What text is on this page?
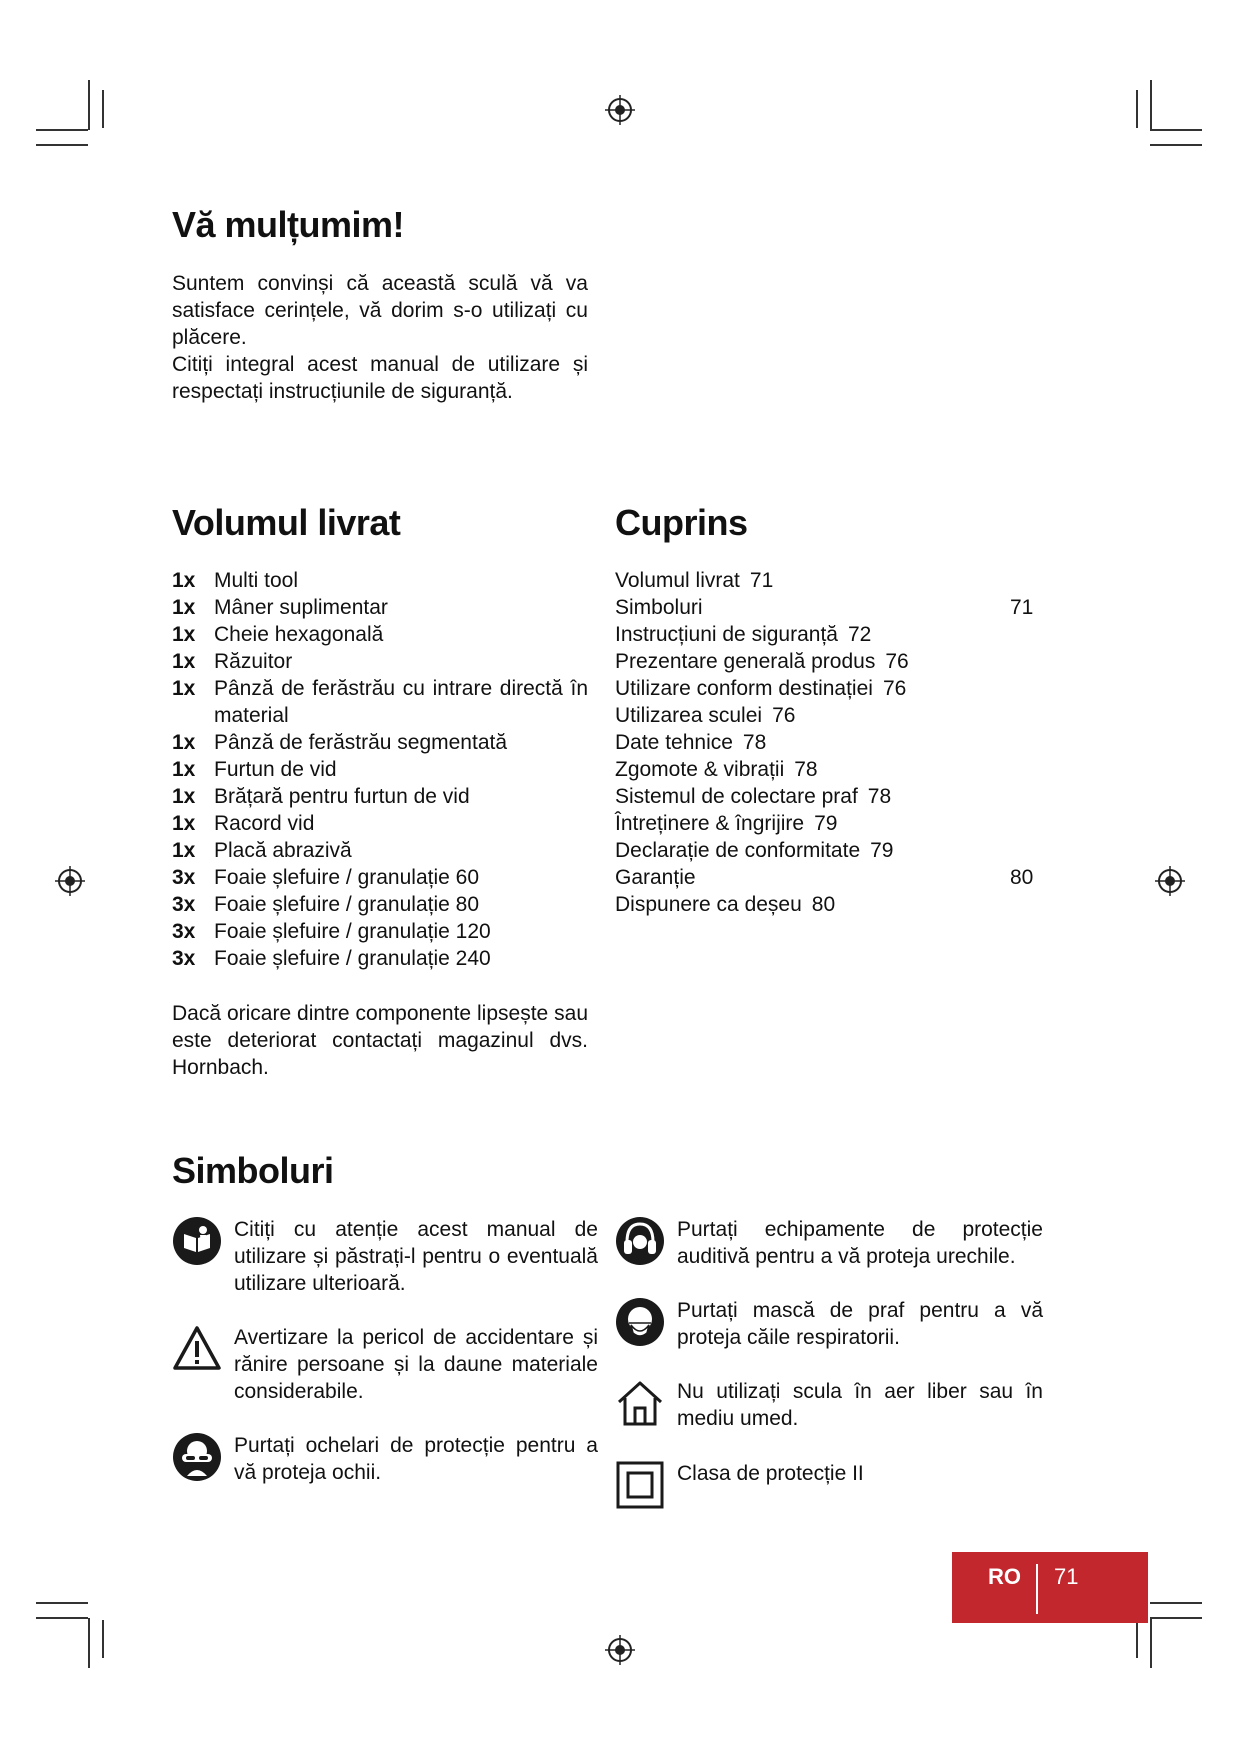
Vă mulțumim!

Suntem convinși că această sculă vă va satisface cerințele, vă dorim s-o utilizați cu plăcere.

Citiți integral acest manual de utilizare și respectați instrucțiunile de siguranță.

Volumul livrat
1x Multi tool
1x Mâner suplimentar
1x Cheie hexagonală
1x Răzuitor
1x Pânză de ferăstrău cu intrare directă în material
1x Pânză de ferăstrău segmentată
1x Furtun de vid
1x Brățară pentru furtun de vid
1x Racord vid
1x Placă abrazivă
3x Foaie șlefuire / granulație 60
3x Foaie șlefuire / granulație 80
3x Foaie șlefuire / granulație 120
3x Foaie șlefuire / granulație 240
Dacă oricare dintre componente lipsește sau este deteriorat contactați magazinul dvs. Hornbach.
Cuprins
Volumul livrat 71
Simboluri	71
Instrucțiuni de siguranță 72
Prezentare generală produs 76
Utilizare conform destinației 76
Utilizarea sculei 76
Date tehnice 78
Zgomote & vibrații 78
Sistemul de colectare praf 78
Întreținere & îngrijire 79
Declarație de conformitate 79
Garanție	80
Dispunere ca deșeu 80
Simboluri
Citiți cu atenție acest manual de utilizare și păstrați-l pentru o eventuală utilizare ulterioară.
Avertizare la pericol de accidentare și rănire persoane și la daune materiale considerabile.
Purtați ochelari de protecție pentru a vă proteja ochii.
Purtați echipamente de protecție auditivă pentru a vă proteja urechile.
Purtați mască de praf pentru a vă proteja căile respiratorii.
Nu utilizați scula în aer liber sau în mediu umed.
Clasa de protecție II
RO 71
